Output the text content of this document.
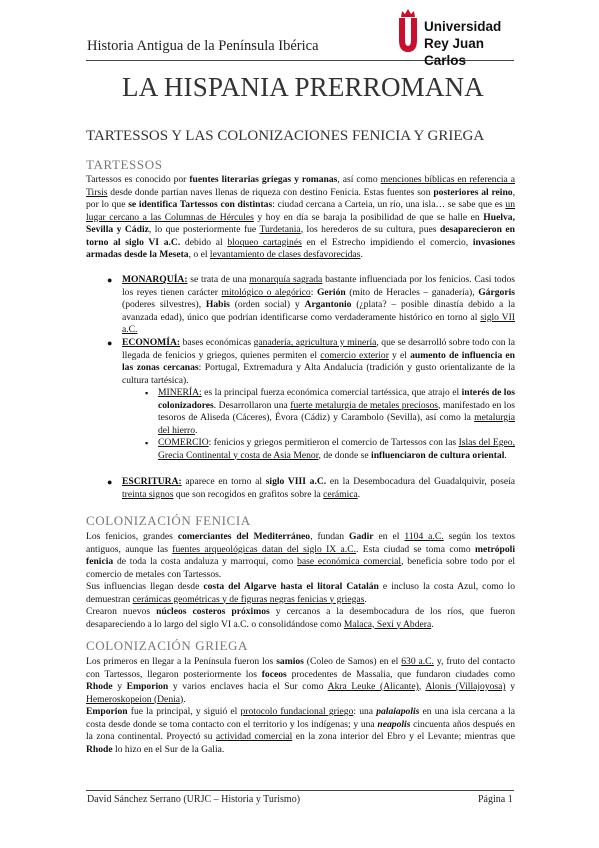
Historia Antigua de la Península Ibérica
Universidad
Rey Juan Carlos
LA HISPANIA PRERROMANA
TARTESSOS Y LAS COLONIZACIONES FENICIA Y GRIEGA
TARTESSOS
Tartessos es conocido por fuentes literarias griegas y romanas, así como menciones bíblicas en referencia a Tirsis desde donde partían naves llenas de riqueza con destino Fenicia. Estas fuentes son posteriores al reino, por lo que se identifica Tartessos con distintas: ciudad cercana a Carteia, un río, una isla… se sabe que es un lugar cercano a las Columnas de Hércules y hoy en día se baraja la posibilidad de que se halle en Huelva, Sevilla y Cádiz, lo que posteriormente fue Turdetania, los herederos de su cultura, pues desaparecieron en torno al siglo VI a.C. debido al bloqueo cartaginés en el Estrecho impidiendo el comercio, invasiones armadas desde la Meseta, o el levantamiento de clases desfavorecidas.
● MONARQUÍA: se trata de una monarquía sagrada bastante influenciada por los fenicios. Casi todos los reyes tienen carácter mitológico o alegórico: Gerión (mito de Heracles – ganadería), Gárgoris (poderes silvestres), Habis (orden social) y Argantonio (¿plata? – posible dinastía debido a la avanzada edad), único que podrían identificarse como verdaderamente histórico en torno al siglo VII a.C.
● ECONOMÍA: bases económicas ganadería, agricultura y minería, que se desarrolló sobre todo con la llegada de fenicios y griegos, quienes permiten el comercio exterior y el aumento de influencia en las zonas cercanas: Portugal, Extremadura y Alta Andalucía (tradición y gusto orientalizante de la cultura tartésica).
▪ MINERÍA: es la principal fuerza económica comercial tartéssica, que atrajo el interés de los colonizadores. Desarrollaron una fuerte metalurgia de metales preciosos, manifestado en los tesoros de Aliseda (Cáceres), Évora (Cádiz) y Carambolo (Sevilla), así como la metalurgia del hierro.
▪ COMERCIO: fenicios y griegos permitieron el comercio de Tartessos con las Islas del Egeo, Grecia Continental y costa de Asia Menor, de donde se influenciaron de cultura oriental.
● ESCRITURA: aparece en torno al siglo VIII a.C. en la Desembocadura del Guadalquivir, poseía treinta signos que son recogidos en grafitos sobre la cerámica.
COLONIZACIÓN FENICIA
Los fenicios, grandes comerciantes del Mediterráneo, fundan Gadir en el 1104 a.C. según los textos antiguos, aunque las fuentes arqueológicas datan del siglo IX a.C.. Esta ciudad se toma como metrópoli fenicia de toda la costa andaluza y marroquí, como base económica comercial, beneficia sobre todo por el comercio de metales con Tartessos.
Sus influencias llegan desde costa del Algarve hasta el litoral Catalán e incluso la costa Azul, como lo demuestran cerámicas geométricas y de figuras negras fenicias y griegas.
Crearon nuevos núcleos costeros próximos y cercanos a la desembocadura de los ríos, que fueron desapareciendo a lo largo del siglo VI a.C. o consolidándose como Malaca, Sexi y Abdera.
COLONIZACIÓN GRIEGA
Los primeros en llegar a la Península fueron los samios (Coleo de Samos) en el 630 a.C. y, fruto del contacto con Tartessos, llegaron posteriormente los foceos procedentes de Massalia, que fundaron ciudades como Rhode y Emporion y varios enclaves hacia el Sur como Akra Leuke (Alicante), Alonis (Villajoyosa) y Hemeroskopeion (Denia).
Emporion fue la principal, y siguió el protocolo fundacional griego: una palaiapolis en una isla cercana a la costa desde donde se toma contacto con el territorio y los indígenas; y una neapolis cincuenta años después en la zona continental. Proyectó su actividad comercial en la zona interior del Ebro y el Levante; mientras que Rhode lo hizo en el Sur de la Galia.
David Sánchez Serrano (URJC – Historia y Turismo)	Página 1
